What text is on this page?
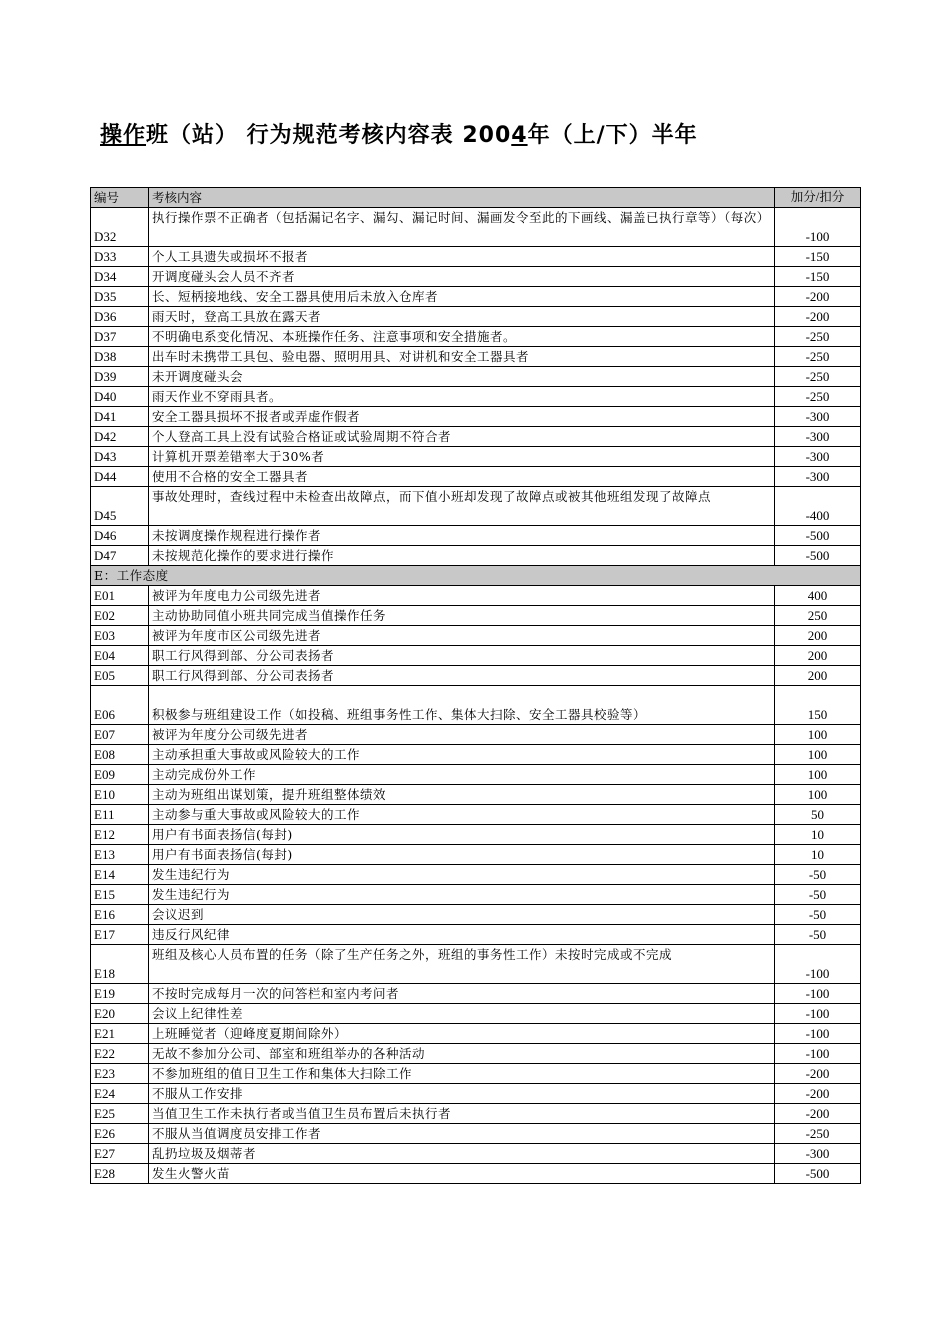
操作班（站） 行为规范考核内容表 2004年（上/下）半年
编号	考核内容	加分/扣分
D32	执行操作票不正确者（包括漏记名字、漏勾、漏记时间、漏画发令至此的下画线、漏盖已执行章等）（每次）	-100
D33	个人工具遗失或损坏不报者	-150
D34	开调度碰头会人员不齐者	-150
D35	长、短柄接地线、安全工器具使用后未放入仓库者	-200
D36	雨天时，登高工具放在露天者	-200
D37	不明确电系变化情况、本班操作任务、注意事项和安全措施者。	-250
D38	出车时未携带工具包、验电器、照明用具、对讲机和安全工器具者	-250
D39	未开调度碰头会	-250
D40	雨天作业不穿雨具者。	-250
D41	安全工器具损坏不报者或弄虚作假者	-300
D42	个人登高工具上没有试验合格证或试验周期不符合者	-300
D43	计算机开票差错率大于30%者	-300
D44	使用不合格的安全工器具者	-300
D45	事故处理时，查线过程中未检查出故障点，而下值小班却发现了故障点或被其他班组发现了故障点	-400
D46	未按调度操作规程进行操作者	-500
D47	未按规范化操作的要求进行操作	-500
E：工作态度		
E01	被评为年度电力公司级先进者	400
E02	主动协助同值小班共同完成当值操作任务	250
E03	被评为年度市区公司级先进者	200
E04	职工行风得到部、分公司表扬者	200
E05	职工行风得到部、分公司表扬者	200
E06	积极参与班组建设工作（如投稿、班组事务性工作、集体大扫除、安全工器具校验等）	150
E07	被评为年度分公司级先进者	100
E08	主动承担重大事故或风险较大的工作	100
E09	主动完成份外工作	100
E10	主动为班组出谋划策，提升班组整体绩效	100
E11	主动参与重大事故或风险较大的工作	50
E12	用户有书面表扬信(每封)	10
E13	用户有书面表扬信(每封)	10
E14	发生违纪行为	-50
E15	发生违纪行为	-50
E16	会议迟到	-50
E17	违反行风纪律	-50
E18	班组及核心人员布置的任务（除了生产任务之外，班组的事务性工作）未按时完成或不完成	-100
E19	不按时完成每月一次的问答栏和室内考问者	-100
E20	会议上纪律性差	-100
E21	上班睡觉者（迎峰度夏期间除外）	-100
E22	无故不参加分公司、部室和班组举办的各种活动	-100
E23	不参加班组的值日卫生工作和集体大扫除工作	-200
E24	不服从工作安排	-200
E25	当值卫生工作未执行者或当值卫生员布置后未执行者	-200
E26	不服从当值调度员安排工作者	-250
E27	乱扔垃圾及烟蒂者	-300
E28	发生火警火苗	-500
